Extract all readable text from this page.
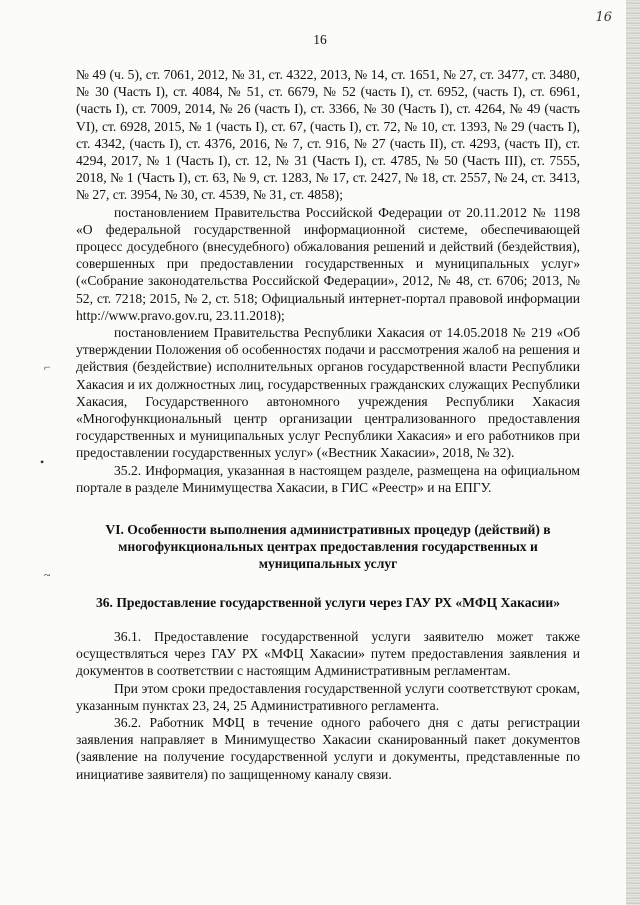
16
16
⌐
•
~

№ 49 (ч. 5), ст. 7061, 2012, № 31, ст. 4322, 2013, № 14, ст. 1651, № 27, ст. 3477, ст. 3480, № 30 (Часть I), ст. 4084, № 51, ст. 6679, № 52 (часть I), ст. 6952, (часть I), ст. 6961, (часть I), ст. 7009, 2014, № 26 (часть I), ст. 3366, № 30 (Часть I), ст. 4264, № 49 (часть VI), ст. 6928, 2015, № 1 (часть I), ст. 67, (часть I), ст. 72, № 10, ст. 1393, № 29 (часть I), ст. 4342, (часть I), ст. 4376, 2016, № 7, ст. 916, № 27 (часть II), ст. 4293, (часть II), ст. 4294, 2017, № 1 (Часть I), ст. 12, № 31 (Часть I), ст. 4785, № 50 (Часть III), ст. 7555, 2018, № 1 (Часть I), ст. 63, № 9, ст. 1283, № 17, ст. 2427, № 18, ст. 2557, № 24, ст. 3413, № 27, ст. 3954, № 30, ст. 4539, № 31, ст. 4858);

постановлением Правительства Российской Федерации от 20.11.2012 № 1198 «О федеральной государственной информационной системе, обеспечивающей процесс досудебного (внесудебного) обжалования решений и действий (бездействия), совершенных при предоставлении государственных и муниципальных услуг» («Собрание законодательства Российской Федерации», 2012, № 48, ст. 6706; 2013, № 52, ст. 7218; 2015, № 2, ст. 518; Официальный интернет-портал правовой информации http://www.pravo.gov.ru, 23.11.2018);

постановлением Правительства Республики Хакасия от 14.05.2018 № 219 «Об утверждении Положения об особенностях подачи и рассмотрения жалоб на решения и действия (бездействие) исполнительных органов государственной власти Республики Хакасия и их должностных лиц, государственных гражданских служащих Республики Хакасия, Государственного автономного учреждения Республики Хакасия «Многофункциональный центр организации централизованного предоставления государственных и муниципальных услуг Республики Хакасия» и его работников при предоставлении государственных услуг» («Вестник Хакасии», 2018, № 32).

35.2. Информация, указанная в настоящем разделе, размещена на официальном портале в разделе Минимущества Хакасии, в ГИС «Реестр» и на ЕПГУ.

VI. Особенности выполнения административных процедур (действий) в многофункциональных центрах предоставления государственных и муниципальных услуг
36. Предоставление государственной услуги через ГАУ РХ «МФЦ Хакасии»

36.1. Предоставление государственной услуги заявителю может также осуществляться через ГАУ РХ «МФЦ Хакасии» путем предоставления заявления и документов в соответствии с настоящим Административным регламентам.

При этом сроки предоставления государственной услуги соответствуют срокам, указанным пунктах 23, 24, 25 Административного регламента.

36.2. Работник МФЦ в течение одного рабочего дня с даты регистрации заявления направляет в Минимущество Хакасии сканированный пакет документов (заявление на получение государственной услуги и документы, представленные по инициативе заявителя) по защищенному каналу связи.
